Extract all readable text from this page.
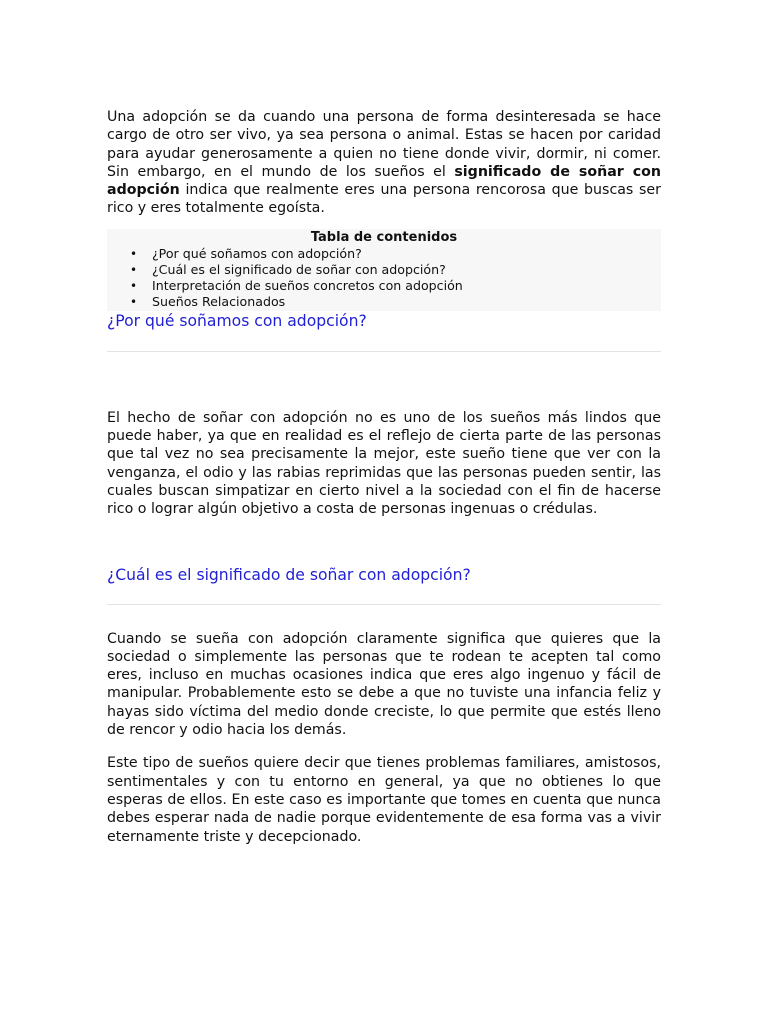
Una adopción se da cuando una persona de forma desinteresada se hace cargo de otro ser vivo, ya sea persona o animal. Estas se hacen por caridad para ayudar generosamente a quien no tiene donde vivir, dormir, ni comer. Sin embargo, en el mundo de los sueños el significado de soñar con adopción indica que realmente eres una persona rencorosa que buscas ser rico y eres totalmente egoísta.

Tabla de contenidos
• ¿Por qué soñamos con adopción?
• ¿Cuál es el significado de soñar con adopción?
• Interpretación de sueños concretos con adopción
• Sueños Relacionados
¿Por qué soñamos con adopción?

El hecho de soñar con adopción no es uno de los sueños más lindos que puede haber, ya que en realidad es el reflejo de cierta parte de las personas que tal vez no sea precisamente la mejor, este sueño tiene que ver con la venganza, el odio y las rabias reprimidas que las personas pueden sentir, las cuales buscan simpatizar en cierto nivel a la sociedad con el fin de hacerse rico o lograr algún objetivo a costa de personas ingenuas o crédulas.

¿Cuál es el significado de soñar con adopción?

Cuando se sueña con adopción claramente significa que quieres que la sociedad o simplemente las personas que te rodean te acepten tal como eres, incluso en muchas ocasiones indica que eres algo ingenuo y fácil de manipular. Probablemente esto se debe a que no tuviste una infancia feliz y hayas sido víctima del medio donde creciste, lo que permite que estés lleno de rencor y odio hacia los demás.

Este tipo de sueños quiere decir que tienes problemas familiares, amistosos, sentimentales y con tu entorno en general, ya que no obtienes lo que esperas de ellos. En este caso es importante que tomes en cuenta que nunca debes esperar nada de nadie porque evidentemente de esa forma vas a vivir eternamente triste y decepcionado.
